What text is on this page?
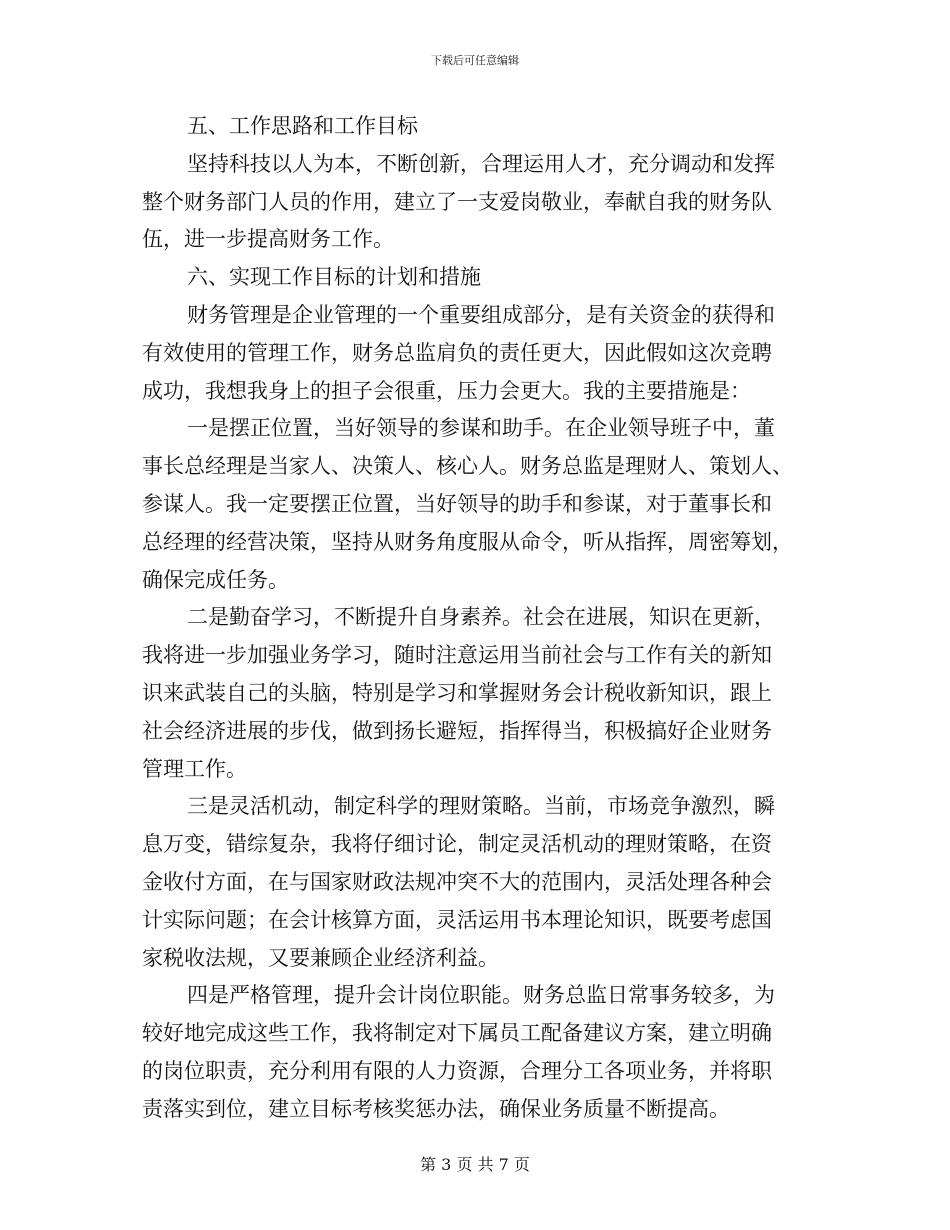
下载后可任意编辑
五、工作思路和工作目标
坚持科技以人为本，不断创新，合理运用人才，充分调动和发挥
整个财务部门人员的作用，建立了一支爱岗敬业，奉献自我的财务队
伍，进一步提高财务工作。
六、实现工作目标的计划和措施
财务管理是企业管理的一个重要组成部分，是有关资金的获得和
有效使用的管理工作，财务总监肩负的责任更大，因此假如这次竞聘
成功，我想我身上的担子会很重，压力会更大。我的主要措施是：
一是摆正位置，当好领导的参谋和助手。在企业领导班子中，董
事长总经理是当家人、决策人、核心人。财务总监是理财人、策划人、
参谋人。我一定要摆正位置，当好领导的助手和参谋，对于董事长和
总经理的经营决策，坚持从财务角度服从命令，听从指挥，周密筹划，
确保完成任务。
二是勤奋学习，不断提升自身素养。社会在进展，知识在更新，
我将进一步加强业务学习，随时注意运用当前社会与工作有关的新知
识来武装自己的头脑，特别是学习和掌握财务会计税收新知识，跟上
社会经济进展的步伐，做到扬长避短，指挥得当，积极搞好企业财务
管理工作。
三是灵活机动，制定科学的理财策略。当前，市场竞争激烈，瞬
息万变，错综复杂，我将仔细讨论，制定灵活机动的理财策略，在资
金收付方面，在与国家财政法规冲突不大的范围内，灵活处理各种会
计实际问题；在会计核算方面，灵活运用书本理论知识，既要考虑国
家税收法规，又要兼顾企业经济利益。
四是严格管理，提升会计岗位职能。财务总监日常事务较多，为
较好地完成这些工作，我将制定对下属员工配备建议方案，建立明确
的岗位职责，充分利用有限的人力资源，合理分工各项业务，并将职
责落实到位，建立目标考核奖惩办法，确保业务质量不断提高。
第 3 页 共 7 页
